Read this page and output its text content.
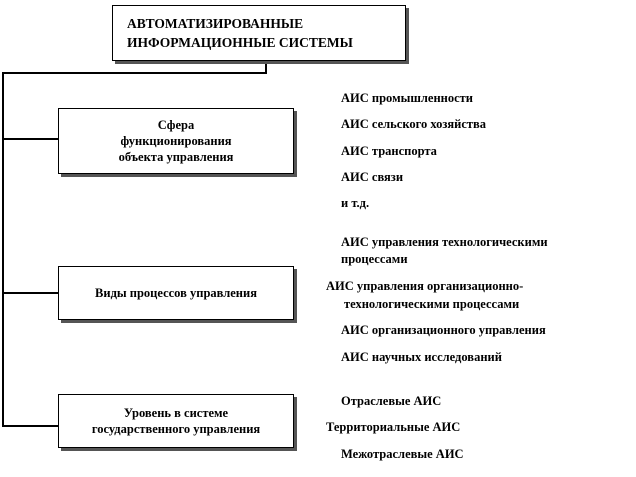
АВТОМАТИЗИРОВАННЫЕ
ИНФОРМАЦИОННЫЕ СИСТЕМЫ
Сфера
функционирования
объекта управления
Виды процессов управления
Уровень в системе
государственного управления
АИС промышленности
АИС сельского хозяйства
АИС транспорта
АИС связи
и т.д.
АИС управления технологическими
процессами
АИС управления организационно-
технологическими процессами
АИС организационного управления
АИС научных исследований
Отраслевые АИС
Территориальные АИС
Межотраслевые АИС
